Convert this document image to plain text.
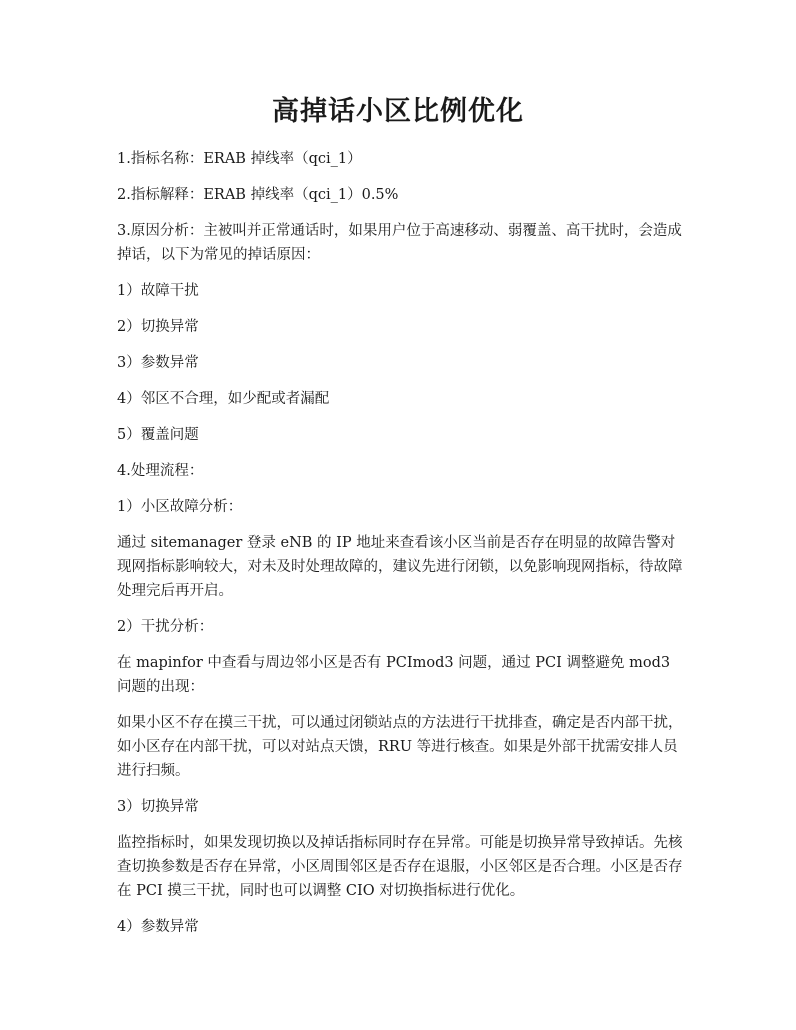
高掉话小区比例优化

1.指标名称：ERAB 掉线率（qci_1）

2.指标解释：ERAB 掉线率（qci_1）0.5%

3.原因分析：主被叫并正常通话时，如果用户位于高速移动、弱覆盖、高干扰时，会造成掉话，以下为常见的掉话原因：

1）故障干扰

2）切换异常

3）参数异常

4）邻区不合理，如少配或者漏配

5）覆盖问题

4.处理流程：

1）小区故障分析：

通过 sitemanager 登录 eNB 的 IP 地址来查看该小区当前是否存在明显的故障告警对现网指标影响较大，对未及时处理故障的，建议先进行闭锁，以免影响现网指标，待故障处理完后再开启。

2）干扰分析：

在 mapinfor 中查看与周边邻小区是否有 PCImod3 问题，通过 PCI 调整避免 mod3 问题的出现：

如果小区不存在摸三干扰，可以通过闭锁站点的方法进行干扰排查，确定是否内部干扰，如小区存在内部干扰，可以对站点天馈，RRU 等进行核查。如果是外部干扰需安排人员进行扫频。

3）切换异常

监控指标时，如果发现切换以及掉话指标同时存在异常。可能是切换异常导致掉话。先核查切换参数是否存在异常，小区周围邻区是否存在退服，小区邻区是否合理。小区是否存在 PCI 摸三干扰，同时也可以调整 CIO 对切换指标进行优化。

4）参数异常
